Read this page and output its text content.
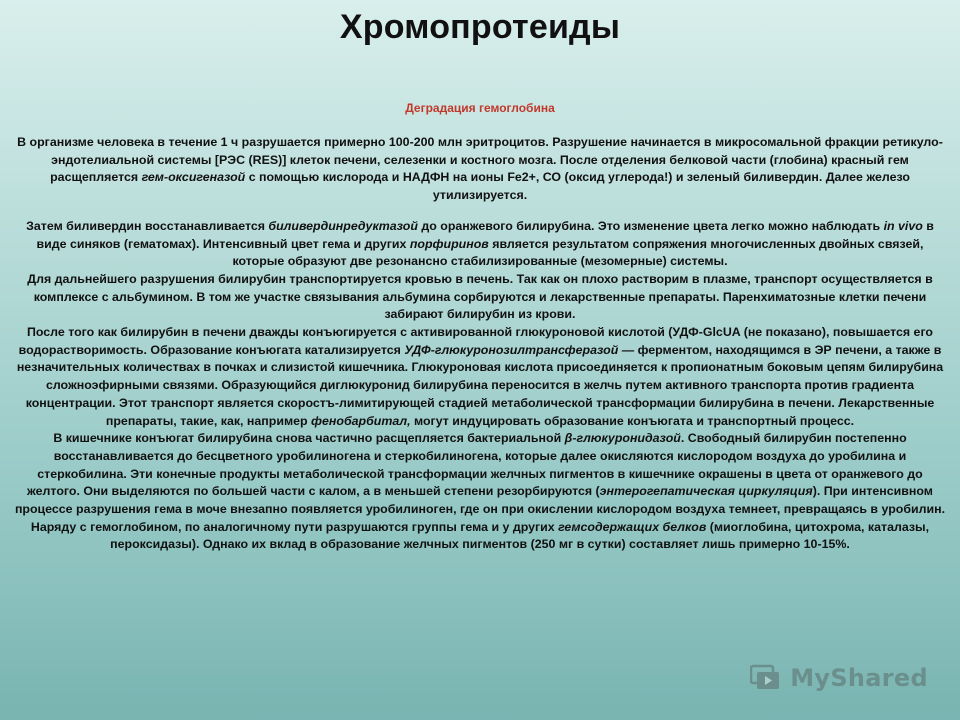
Хромопротеиды
Деградация гемоглобина

В организме человека в течение 1 ч разрушается примерно 100-200 млн эритроцитов. Разрушение начинается в микросомальной фракции ретикуло-эндотелиальной системы [РЭС (RES)] клеток печени, селезенки и костного мозга. После отделения белковой части (глобина) красный гем расщепляется гем-оксигеназой с помощью кислорода и НАДФН на ионы Fe2+, СО (оксид углерода!) и зеленый биливердин. Далее железо утилизируется.

Затем биливердин восстанавливается биливердинредуктазой до оранжевого билирубина. Это изменение цвета легко можно наблюдать in vivo в виде синяков (гематомах). Интенсивный цвет гема и других порфиринов является результатом сопряжения многочисленных двойных связей, которые образуют две резонансно стабилизированные (мезомерные) системы.

Для дальнейшего разрушения билирубин транспортируется кровью в печень. Так как он плохо растворим в плазме, транспорт осуществляется в комплексе с альбумином. В том же участке связывания альбумина сорбируются и лекарственные препараты. Паренхиматозные клетки печени забирают билирубин из крови.

После того как билирубин в печени дважды конъюгируется с активированной глюкуроновой кислотой (УДФ-GlcUA (не показано), повышается его водорастворимость. Образование конъюгата катализируется УДФ-глюкуронозилтрансферазой — ферментом, находящимся в ЭР печени, а также в незначительных количествах в почках и слизистой кишечника. Глюкуроновая кислота присоединяется к пропионатным боковым цепям билирубина сложноэфирными связями. Образующийся диглюкуронид билирубина переносится в желчь путем активного транспорта против градиента концентрации. Этот транспорт является скоростъ-лимитирующей стадией метаболической трансформации билирубина в печени. Лекарственные препараты, такие, как, например фенобарбитал, могут индуцировать образование конъюгата и транспортный процесс.

В кишечнике конъюгат билирубина снова частично расщепляется бактериальной β-глюкуронидазой. Свободный билирубин постепенно восстанавливается до бесцветного уробилиногена и стеркобилиногена, которые далее окисляются кислородом воздуха до уробилина и стеркобилина. Эти конечные продукты метаболической трансформации желчных пигментов в кишечнике окрашены в цвета от оранжевого до желтого. Они выделяются по большей части с калом, а в меньшей степени резорбируются (энтерогепатическая циркуляция). При интенсивном процессе разрушения гема в моче внезапно появляется уробилиноген, где он при окислении кислородом воздуха темнеет, превращаясь в уробилин.

Наряду с гемоглобином, по аналогичному пути разрушаются группы гема и у других гемсодержащих белков (миоглобина, цитохрома, каталазы, пероксидазы). Однако их вклад в образование желчных пигментов (250 мг в сутки) составляет лишь примерно 10-15%.

MyShared
